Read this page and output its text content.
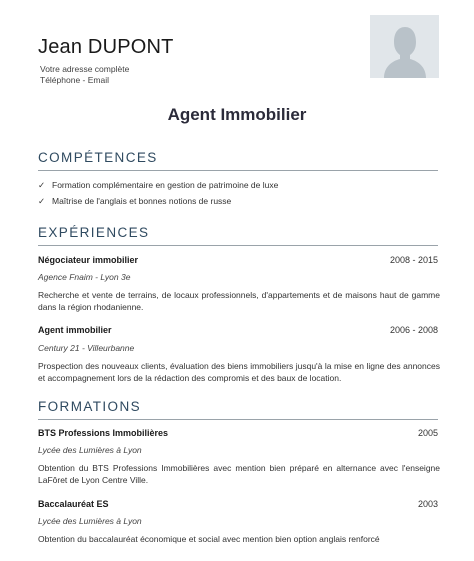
Jean DUPONT
Votre adresse complète
Téléphone - Email
Agent Immobilier
COMPÉTENCES
✓ Formation complémentaire en gestion de patrimoine de luxe
✓ Maîtrise de l'anglais et bonnes notions de russe
EXPÉRIENCES
Négociateur immobilier	2008 - 2015
Agence Fnaim - Lyon 3e
Recherche et vente de terrains, de locaux professionnels, d'appartements et de maisons haut de gamme dans la région rhodanienne.
Agent immobilier	2006 - 2008
Century 21 - Villeurbanne
Prospection des nouveaux clients, évaluation des biens immobiliers jusqu'à la mise en ligne des annonces et accompagnement lors de la rédaction des compromis et des baux de location.
FORMATIONS
BTS Professions Immobilières	2005
Lycée des Lumières à Lyon
Obtention du BTS Professions Immobilières avec mention bien préparé en alternance avec l'enseigne LaFôret de Lyon Centre Ville.
Baccalauréat ES	2003
Lycée des Lumières à Lyon
Obtention du baccalauréat économique et social avec mention bien option anglais renforcé
